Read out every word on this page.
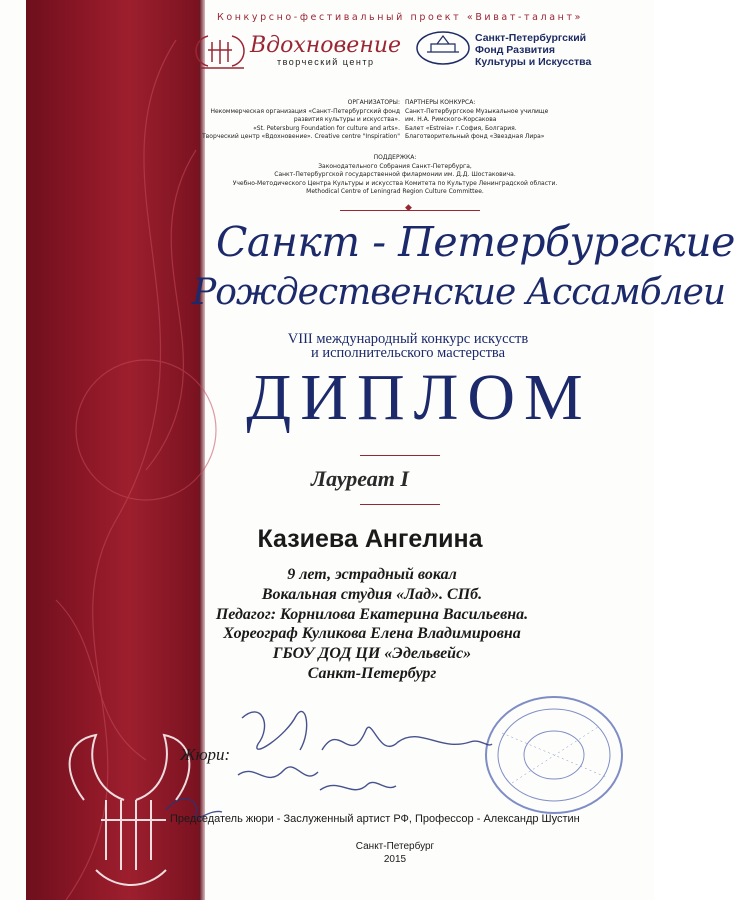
Конкурсно-фестивальный проект «Виват-талант»
Вдохновение
творческий центр
Санкт-Петербургский
Фонд Развития
Культуры и Искусства
ОРГАНИЗАТОРЫ:
Некоммерческая организация «Санкт-Петербургский фонд
развития культуры и искусства».
«St. Petersburg Foundation for culture and arts».
Творческий центр «Вдохновение». Creative centre "Inspiration"
ПАРТНЕРЫ КОНКУРСА:
Санкт-Петербургское Музыкальное училище
им. Н.А. Римского-Корсакова
Балет «Estreia» г.София, Болгария.
Благотворительный фонд «Звездная Лира»
ПОДДЕРЖКА:
Законодательного Собрания Санкт-Петербурга,
Санкт-Петербургской государственной филармонии им. Д.Д. Шостаковича.
Учебно-Методического Центра Культуры и искусства Комитета по Культуре Ленинградской области.
Methodical Centre of Leningrad Region Culture Committee.
◆
Санкт - Петербургские
Рождественские Ассамблеи
VIII международный конкурс искусств
и исполнительского мастерства
ДИПЛОМ
Лауреат I
Казиева Ангелина
9 лет, эстрадный вокал
Вокальная студия «Лад». СПб.
Педагог: Корнилова Екатерина Васильевна.
Хореограф Куликова Елена Владимировна
ГБОУ ДОД ЦИ «Эдельвейс»
Санкт-Петербург
Жюри:
Председатель жюри - Заслуженный артист РФ, Профессор - Александр Шустин
Санкт-Петербург
2015
